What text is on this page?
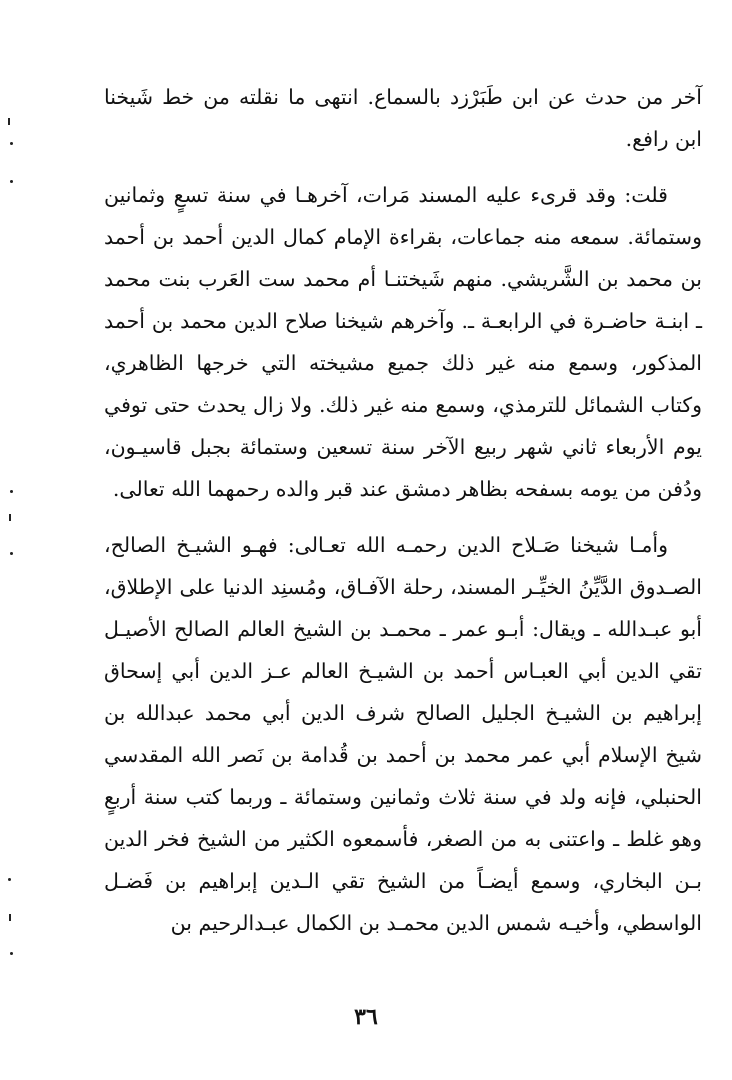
آخر من حدث عن ابن طَبَرْزد بالسماع. انتهى ما نقلته من خط شَيخنا ابن رافع.

قلت: وقد قرىء عليه المسند مَرات، آخرهـا في سنة تسعٍ وثمانين وستمائة. سمعه منه جماعات، بقراءة الإمام كمال الدين أحمد بن أحمد بن محمد بن الشَّريشي. منهم شَيختنـا أم محمد ست العَرب بنت محمد ـ ابنـة حاضـرة في الرابعـة ـ. وآخرهم شيخنا صلاح الدين محمد بن أحمد المذكور، وسمع منه غير ذلك جميع مشيخته التي خرجها الظاهري، وكتاب الشمائل للترمذي، وسمع منه غير ذلك. ولا زال يحدث حتى توفي يوم الأربعاء ثاني شهر ربيع الآخر سنة تسعين وستمائة بجبل قاسيـون، ودُفن من يومه بسفحه بظاهر دمشق عند قبر والده رحمهما الله تعالى.

وأمـا شيخنا صَـلاح الدين رحمـه الله تعـالى: فهـو الشيـخ الصالح، الصـدوق الدَّيِّنُ الخيِّـر المسند، رحلة الآفـاق، ومُسنِد الدنيا على الإطلاق، أبو عبـدالله ـ ويقال: أبـو عمر ـ محمـد بن الشيخ العالم الصالح الأصيـل تقي الدين أبي العبـاس أحمد بن الشيـخ العالم عـز الدين أبي إسحاق إبراهيم بن الشيـخ الجليل الصالح شرف الدين أبي محمد عبدالله بن شيخ الإسلام أبي عمر محمد بن أحمد بن قُدامة بن نَصر الله المقدسي الحنبلي، فإنه ولد في سنة ثلاث وثمانين وستمائة ـ وربما كتب سنة أربعٍ وهو غلط ـ واعتنى به من الصغر، فأسمعوه الكثير من الشيخ فخر الدين بـن البخاري، وسمع أيضـاً من الشيخ تقي الـدين إبراهيم بن فَضـل الواسطي، وأخيـه شمس الدين محمـد بن الكمال عبـدالرحيم بن

٣٦
